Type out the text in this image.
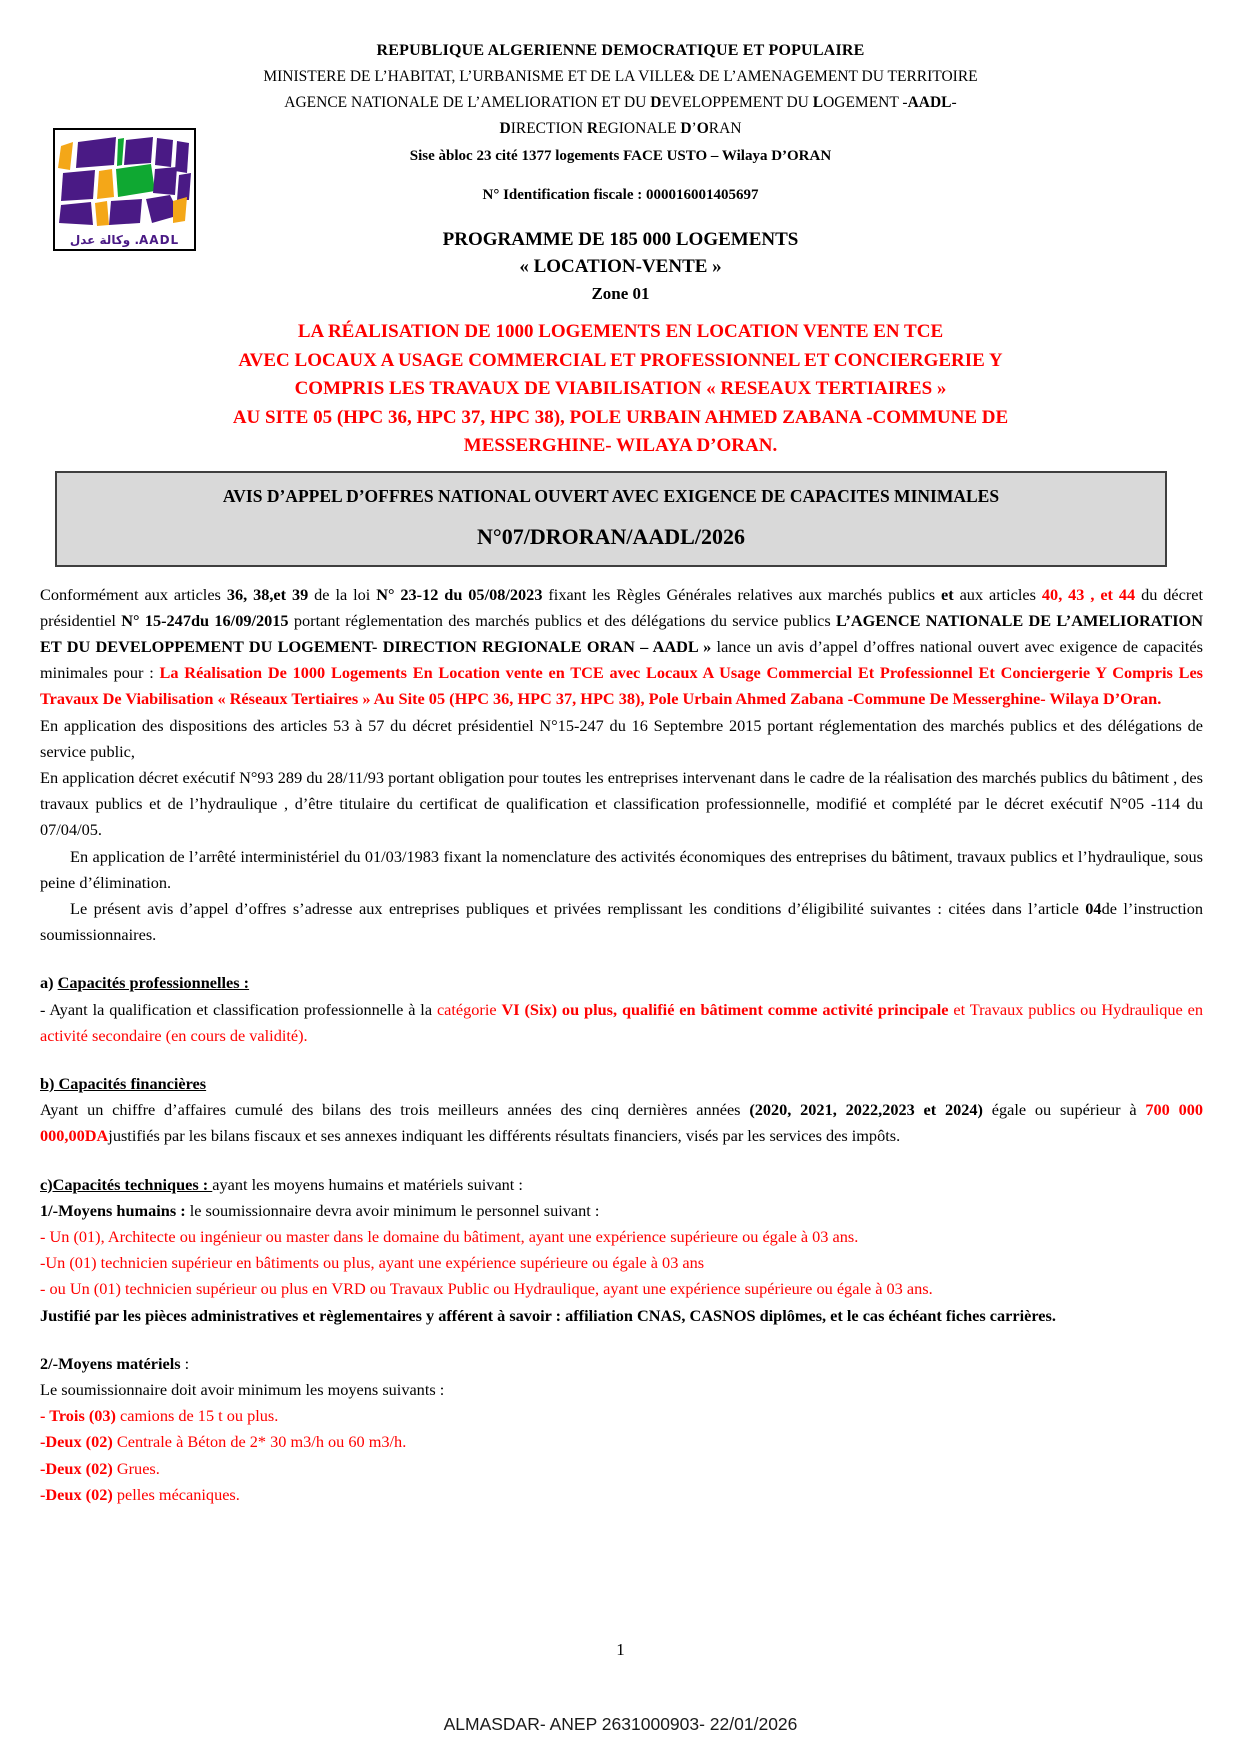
REPUBLIQUE ALGERIENNE DEMOCRATIQUE ET POPULAIRE
MINISTERE DE L’HABITAT, L’URBANISME ET DE LA VILLE& DE L’AMENAGEMENT DU TERRITOIRE
AGENCE NATIONALE DE L’AMELIORATION ET DU DEVELOPPEMENT DU LOGEMENT -AADL-
DIRECTION REGIONALE D’ORAN
Sise àbloc 23 cité 1377 logements FACE USTO – Wilaya D’ORAN
N° Identification fiscale : 000016001405697
وكالة عدل .AADL	PROGRAMME DE 185 000 LOGEMENTS
« LOCATION-VENTE »
Zone 01
LA RÉALISATION DE 1000 LOGEMENTS EN LOCATION VENTE EN TCE
AVEC LOCAUX A USAGE COMMERCIAL ET PROFESSIONNEL ET CONCIERGERIE Y
COMPRIS LES TRAVAUX DE VIABILISATION « RESEAUX TERTIAIRES »
AU SITE 05 (HPC 36, HPC 37, HPC 38), POLE URBAIN AHMED ZABANA -COMMUNE DE
MESSERGHINE- WILAYA D’ORAN.
AVIS D’APPEL D’OFFRES NATIONAL OUVERT AVEC EXIGENCE DE CAPACITES MINIMALES
N°07/DRORAN/AADL/2026

Conformément aux articles 36, 38,et 39 de la loi N° 23-12 du 05/08/2023 fixant les Règles Générales relatives aux marchés publics et aux articles 40, 43 , et 44 du décret présidentiel N° 15-247du 16/09/2015 portant réglementation des marchés publics et des délégations du service publics L’AGENCE NATIONALE DE L’AMELIORATION ET DU DEVELOPPEMENT DU LOGEMENT- DIRECTION REGIONALE ORAN – AADL » lance un avis d’appel d’offres national ouvert avec exigence de capacités minimales pour : La Réalisation De 1000 Logements En Location vente en TCE avec Locaux A Usage Commercial Et Professionnel Et Conciergerie Y Compris Les Travaux De Viabilisation « Réseaux Tertiaires » Au Site 05 (HPC 36, HPC 37, HPC 38), Pole Urbain Ahmed Zabana -Commune De Messerghine- Wilaya D’Oran.

En application des dispositions des articles 53 à 57 du décret présidentiel N°15-247 du 16 Septembre 2015 portant réglementation des marchés publics et des délégations de service public,

En application décret exécutif N°93 289 du 28/11/93 portant obligation pour toutes les entreprises intervenant dans le cadre de la réalisation des marchés publics du bâtiment , des travaux publics et de l’hydraulique , d’être titulaire du certificat de qualification et classification professionnelle, modifié et complété par le décret exécutif N°05 -114 du 07/04/05.

En application de l’arrêté interministériel du 01/03/1983 fixant la nomenclature des activités économiques des entreprises du bâtiment, travaux publics et l’hydraulique, sous peine d’élimination.

Le présent avis d’appel d’offres s’adresse aux entreprises publiques et privées remplissant les conditions d’éligibilité suivantes : citées dans l’article 04de l’instruction soumissionnaires.

a) Capacités professionnelles :

- Ayant la qualification et classification professionnelle à la catégorie VI (Six) ou plus, qualifié en bâtiment comme activité principale et Travaux publics ou Hydraulique en activité secondaire (en cours de validité).

b) Capacités financières

Ayant un chiffre d’affaires cumulé des bilans des trois meilleurs années des cinq dernières années (2020, 2021, 2022,2023 et 2024) égale ou supérieur à 700 000 000,00DAjustifiés par les bilans fiscaux et ses annexes indiquant les différents résultats financiers, visés par les services des impôts.

c)Capacités techniques : ayant les moyens humains et matériels suivant :

1/-Moyens humains : le soumissionnaire devra avoir minimum le personnel suivant :

- Un (01), Architecte ou ingénieur ou master dans le domaine du bâtiment, ayant une expérience supérieure ou égale à 03 ans.

-Un (01) technicien supérieur en bâtiments ou plus, ayant une expérience supérieure ou égale à 03 ans

- ou Un (01) technicien supérieur ou plus en VRD ou Travaux Public ou Hydraulique, ayant une expérience supérieure ou égale à 03 ans.

Justifié par les pièces administratives et règlementaires y afférent à savoir : affiliation CNAS, CASNOS diplômes, et le cas échéant fiches carrières.

2/-Moyens matériels :

Le soumissionnaire doit avoir minimum les moyens suivants :

- Trois (03) camions de 15 t ou plus.

-Deux (02) Centrale à Béton de 2* 30 m3/h ou 60 m3/h.

-Deux (02) Grues.

-Deux (02) pelles mécaniques.

1
ALMASDAR- ANEP 2631000903- 22/01/2026
